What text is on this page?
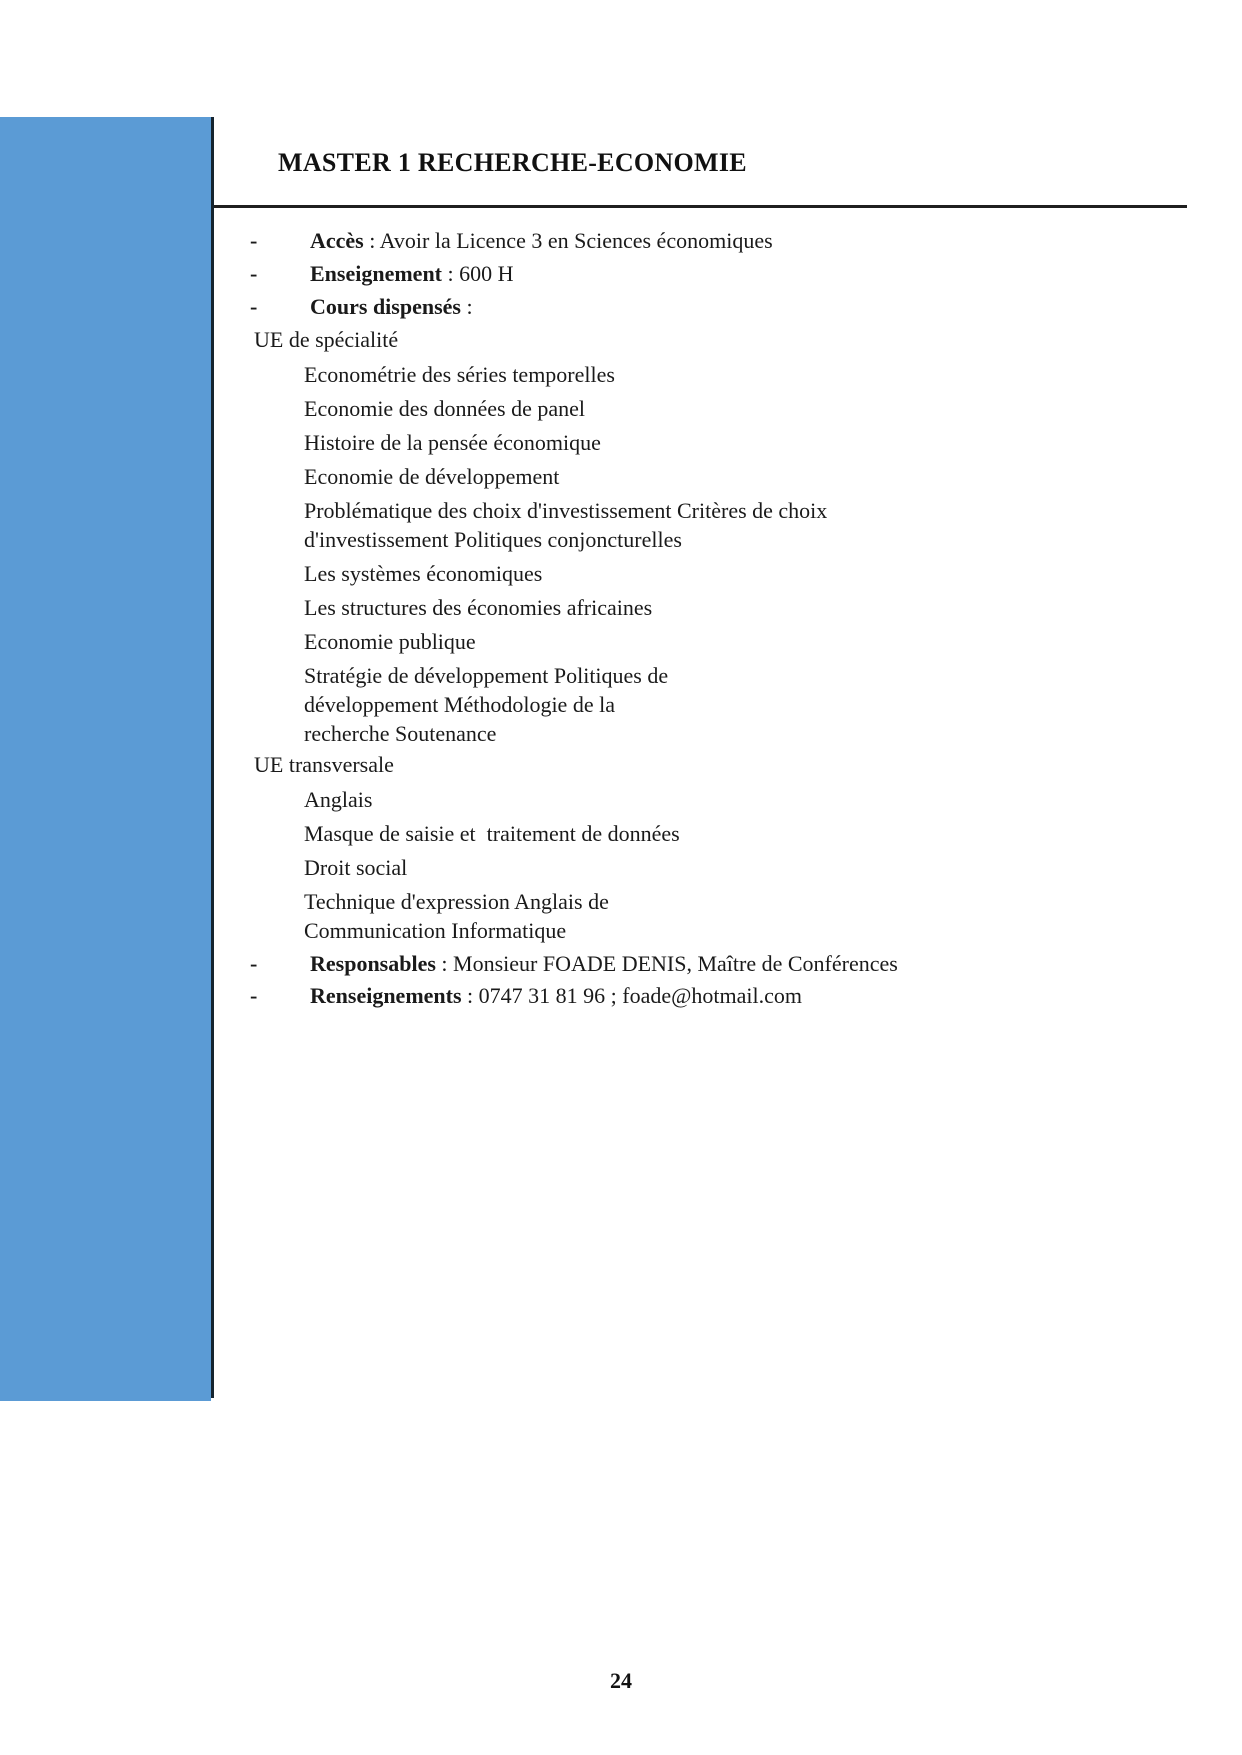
MASTER 1 RECHERCHE-ECONOMIE
-	Accès : Avoir la Licence 3 en Sciences économiques
-	Enseignement : 600 H
-	Cours dispensés :
UE de spécialité
Econométrie des séries temporelles
Economie des données de panel
Histoire de la pensée économique
Economie de développement
Problématique des choix d'investissement Critères de choix
d'investissement Politiques conjoncturelles
Les systèmes économiques
Les structures des économies africaines
Economie publique
Stratégie de développement Politiques de
développement Méthodologie de la
recherche Soutenance
UE transversale
Anglais
Masque de saisie et  traitement de données
Droit social
Technique d'expression Anglais de
Communication Informatique
-	Responsables : Monsieur FOADE DENIS, Maître de Conférences
-	Renseignements : 0747 31 81 96 ; foade@hotmail.com
24
